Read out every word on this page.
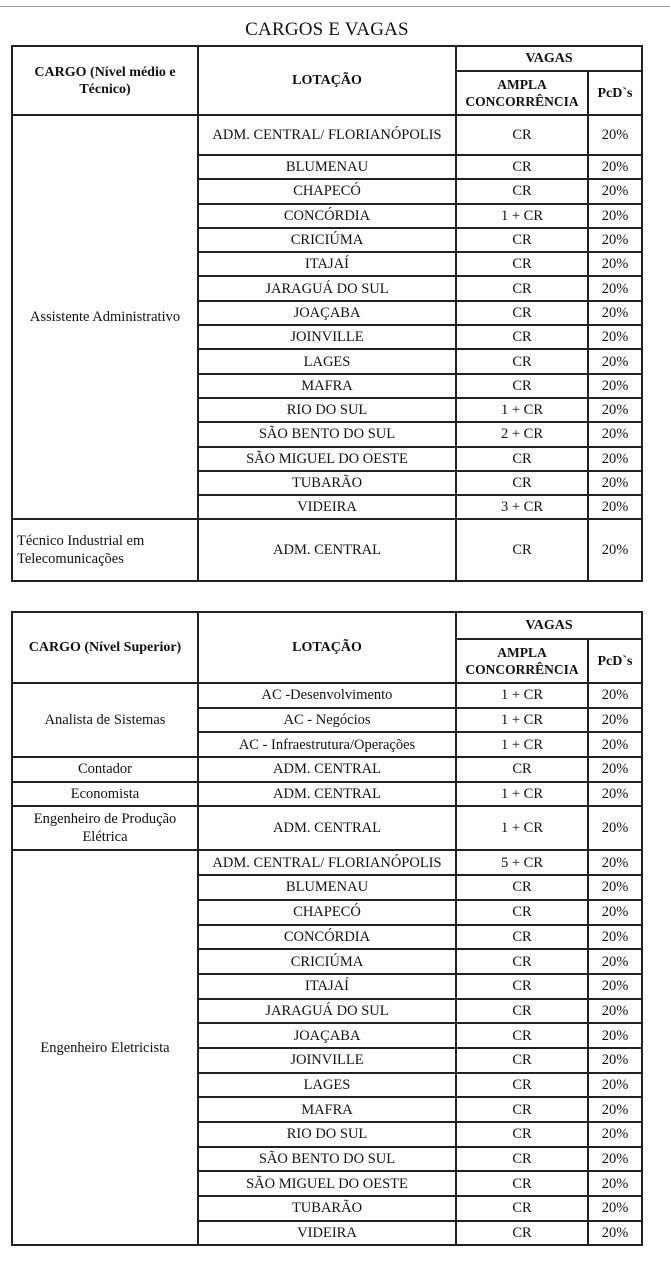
CARGOS E VAGAS
CARGO (Nível médio e
Técnico)	LOTAÇÃO	VAGAS	
		AMPLA
CONCORRÊNCIA	PcD`s
Assistente Administrativo	ADM. CENTRAL/ FLORIANÓPOLIS	CR	20%
	BLUMENAU	CR	20%
	CHAPECÓ	CR	20%
	CONCÓRDIA	1 + CR	20%
	CRICIÚMA	CR	20%
	ITAJAÍ	CR	20%
	JARAGUÁ DO SUL	CR	20%
	JOAÇABA	CR	20%
	JOINVILLE	CR	20%
	LAGES	CR	20%
	MAFRA	CR	20%
	RIO DO SUL	1 + CR	20%
	SÃO BENTO DO SUL	2 + CR	20%
	SÃO MIGUEL DO OESTE	CR	20%
	TUBARÃO	CR	20%
	VIDEIRA	3 + CR	20%
Técnico Industrial em
Telecomunicações	ADM. CENTRAL	CR	20%
CARGO (Nível Superior)	LOTAÇÃO	VAGAS	
		AMPLA
CONCORRÊNCIA	PcD`s
Analista de Sistemas	AC -Desenvolvimento	1 + CR	20%
	AC - Negócios	1 + CR	20%
	AC - Infraestrutura/Operações	1 + CR	20%
Contador	ADM. CENTRAL	CR	20%
Economista	ADM. CENTRAL	1 + CR	20%
Engenheiro de Produção
Elétrica	ADM. CENTRAL	1 + CR	20%
Engenheiro Eletricista	ADM. CENTRAL/ FLORIANÓPOLIS	5 + CR	20%
	BLUMENAU	CR	20%
	CHAPECÓ	CR	20%
	CONCÓRDIA	CR	20%
	CRICIÚMA	CR	20%
	ITAJAÍ	CR	20%
	JARAGUÁ DO SUL	CR	20%
	JOAÇABA	CR	20%
	JOINVILLE	CR	20%
	LAGES	CR	20%
	MAFRA	CR	20%
	RIO DO SUL	CR	20%
	SÃO BENTO DO SUL	CR	20%
	SÃO MIGUEL DO OESTE	CR	20%
	TUBARÃO	CR	20%
	VIDEIRA	CR	20%
